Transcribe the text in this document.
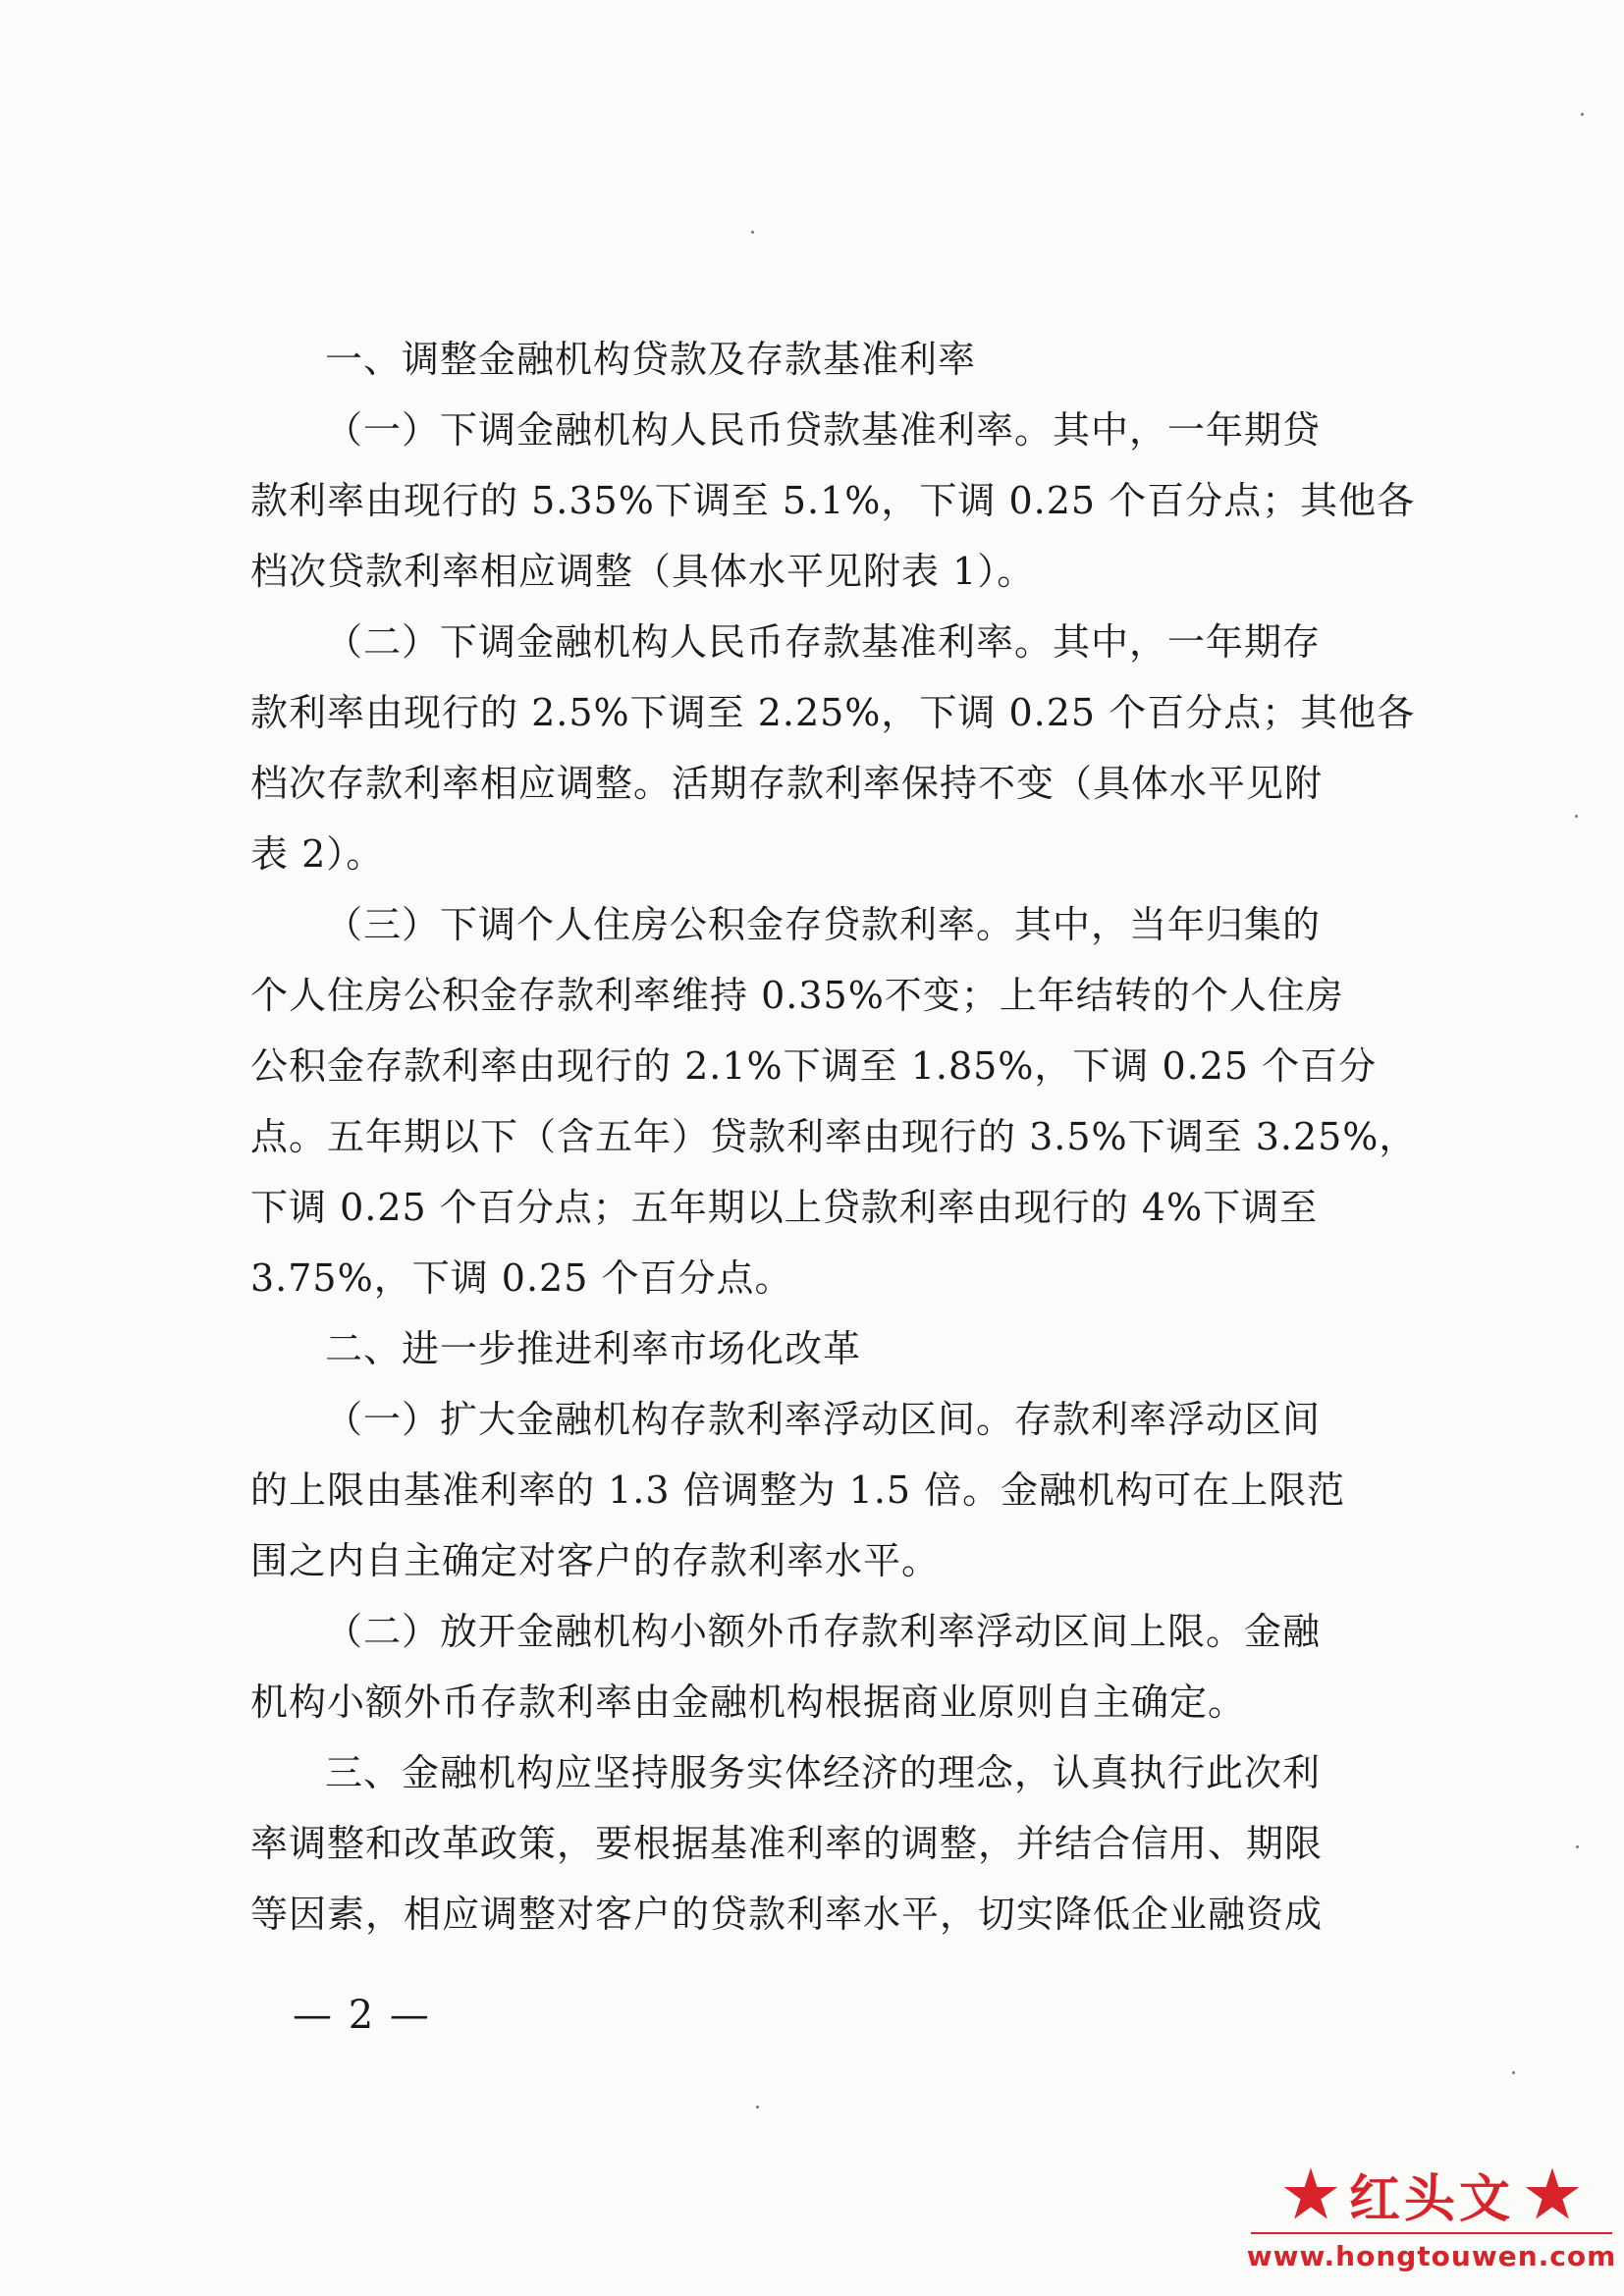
一、调整金融机构贷款及存款基准利率

（一）下调金融机构人民币贷款基准利率。其中，一年期贷
款利率由现行的 5.35%下调至 5.1%，下调 0.25 个百分点；其他各
档次贷款利率相应调整（具体水平见附表 1）。

（二）下调金融机构人民币存款基准利率。其中，一年期存
款利率由现行的 2.5%下调至 2.25%，下调 0.25 个百分点；其他各
档次存款利率相应调整。活期存款利率保持不变（具体水平见附
表 2）。

（三）下调个人住房公积金存贷款利率。其中，当年归集的
个人住房公积金存款利率维持 0.35%不变；上年结转的个人住房
公积金存款利率由现行的 2.1%下调至 1.85%，下调 0.25 个百分
点。五年期以下（含五年）贷款利率由现行的 3.5%下调至 3.25%，
下调 0.25 个百分点；五年期以上贷款利率由现行的 4%下调至
3.75%，下调 0.25 个百分点。

二、进一步推进利率市场化改革

（一）扩大金融机构存款利率浮动区间。存款利率浮动区间
的上限由基准利率的 1.3 倍调整为 1.5 倍。金融机构可在上限范
围之内自主确定对客户的存款利率水平。

（二）放开金融机构小额外币存款利率浮动区间上限。金融
机构小额外币存款利率由金融机构根据商业原则自主确定。

三、金融机构应坚持服务实体经济的理念，认真执行此次利
率调整和改革政策，要根据基准利率的调整，并结合信用、期限
等因素，相应调整对客户的贷款利率水平，切实降低企业融资成

— 2 —
红头文
www.hongtouwen.com
